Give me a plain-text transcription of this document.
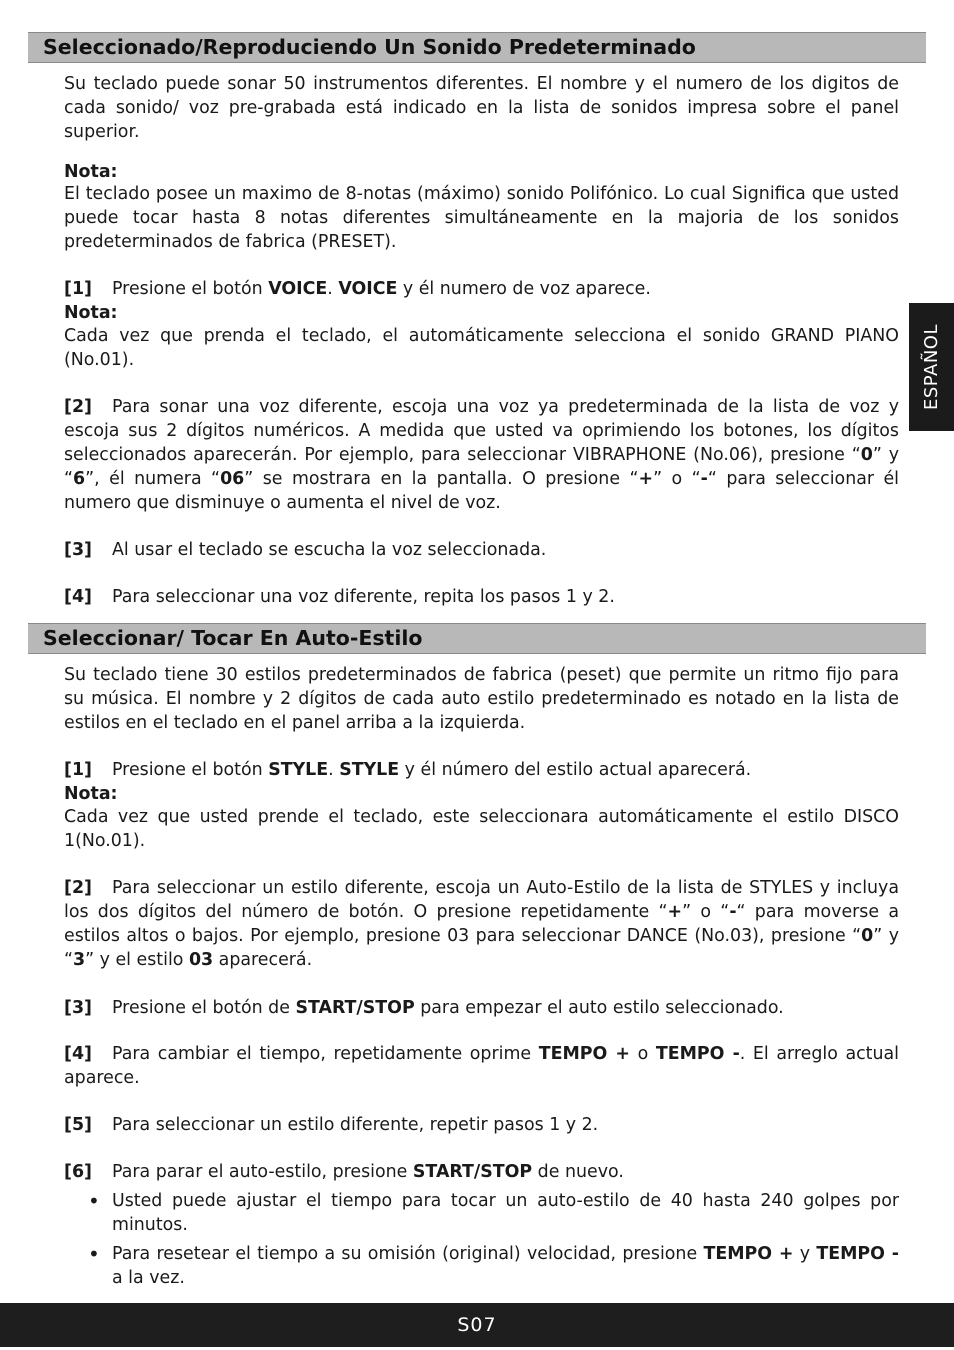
Seleccionado/Reproduciendo Un Sonido Predeterminado
Su teclado puede sonar 50 instrumentos diferentes. El nombre y el numero de los digitos de cada sonido/ voz pre-grabada está indicado en la lista de sonidos impresa sobre el panel superior.
Nota:
El teclado posee un maximo de 8-notas (máximo) sonido Polifónico. Lo cual Significa que usted puede tocar hasta 8 notas diferentes simultáneamente en la majoria de los sonidos predeterminados de fabrica (PRESET).
[1] Presione el botón VOICE. VOICE y él numero de voz aparece.
Nota:
Cada vez que prenda el teclado, el automáticamente selecciona el sonido GRAND PIANO (No.01).
[2] Para sonar una voz diferente, escoja una voz ya predeterminada de la lista de voz y escoja sus 2 dígitos numéricos. A medida que usted va oprimiendo los botones, los dígitos seleccionados aparecerán. Por ejemplo, para seleccionar VIBRAPHONE (No.06), presione “0” y “6”, él numera “06” se mostrara en la pantalla. O presione “+” o “-“ para seleccionar él numero que disminuye o aumenta el nivel de voz.
[3] Al usar el teclado se escucha la voz seleccionada.
[4] Para seleccionar una voz diferente, repita los pasos 1 y 2.
Seleccionar/ Tocar En Auto-Estilo
Su teclado tiene 30 estilos predeterminados de fabrica (peset) que permite un ritmo fijo para su música. El nombre y 2 dígitos de cada auto estilo predeterminado es notado en la lista de estilos en el teclado en el panel arriba a la izquierda.
[1] Presione el botón STYLE. STYLE y él número del estilo actual aparecerá.
Nota:
Cada vez que usted prende el teclado, este seleccionara automáticamente el estilo DISCO 1(No.01).
[2] Para seleccionar un estilo diferente, escoja un Auto-Estilo de la lista de STYLES y incluya los dos dígitos del número de botón. O presione repetidamente “+” o “-“ para moverse a estilos altos o bajos. Por ejemplo, presione 03 para seleccionar DANCE (No.03), presione “0” y “3” y el estilo 03 aparecerá.
[3] Presione el botón de START/STOP para empezar el auto estilo seleccionado.
[4] Para cambiar el tiempo, repetidamente oprime TEMPO + o TEMPO -. El arreglo actual aparece.
[5] Para seleccionar un estilo diferente, repetir pasos 1 y 2.
[6] Para parar el auto-estilo, presione START/STOP de nuevo.
• Usted puede ajustar el tiempo para tocar un auto-estilo de 40 hasta 240 golpes por minutos.
• Para resetear el tiempo a su omisión (original) velocidad, presione TEMPO + y TEMPO - a la vez.
ESPAÑOL
S07
